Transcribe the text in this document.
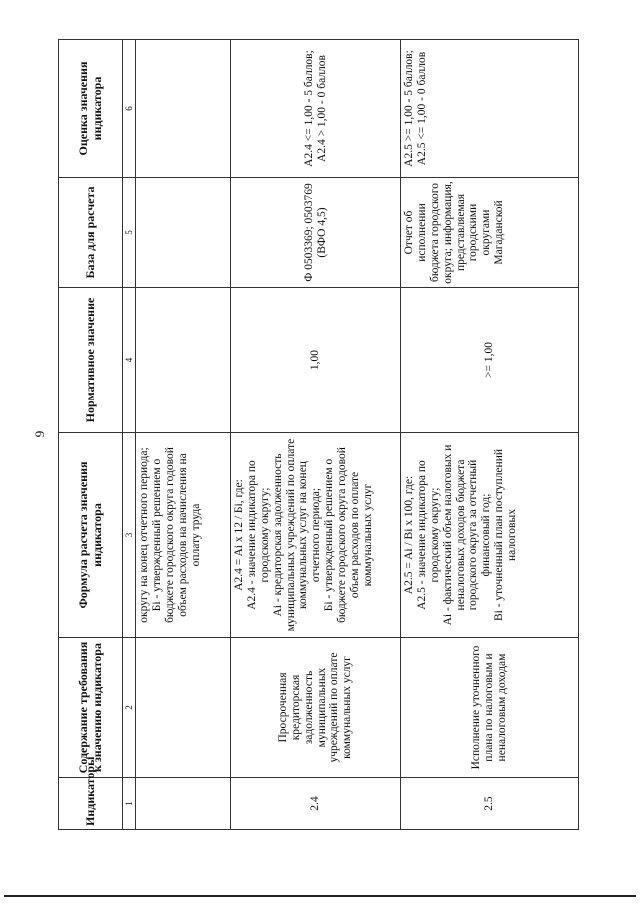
9
Индикаторы	Содержание требования к значению индикатора	Формула расчета значения индикатора	Нормативное значение	База для расчета	Оценка значения индикатора
1	2	3	4	5	6
		округу на конец отчетного периода;
Бi - утвержденный решением о бюджете городского округа годовой объем расходов на начисления на оплату труда			
2.4	Просроченная кредиторская задолженность муниципальных учреждений по оплате коммунальных услуг	A2.4 = Ai x 12 / Бi, где:
A2.4 - значение индикатора по городскому округу;
Ai - кредиторская задолженность муниципальных учреждений по оплате коммунальных услуг на конец отчетного периода;
Бi - утвержденный решением о бюджете городского округа годовой объем расходов по оплате коммунальных услуг	1,00	Ф 0503369; 0503769 (ВФО 4,5)	A2.4 <= 1,00 - 5 баллов;
A2.4 > 1,00 - 0 баллов
2.5	Исполнение уточненного плана по налоговым и неналоговым доходам	A2.5 = Ai / Bi x 100, где:
A2.5 - значение индикатора по городскому округу;
Ai - фактический объем налоговых и неналоговых доходов бюджета городского округа за отчетный финансовый год;
Bi - уточненный план поступлений налоговых	>= 1,00	Отчет об исполнении бюджета городского округа; информация, представляемая городскими округами Магаданской	A2.5 >= 1,00 - 5 баллов;
A2.5 <= 1,00 - 0 баллов
